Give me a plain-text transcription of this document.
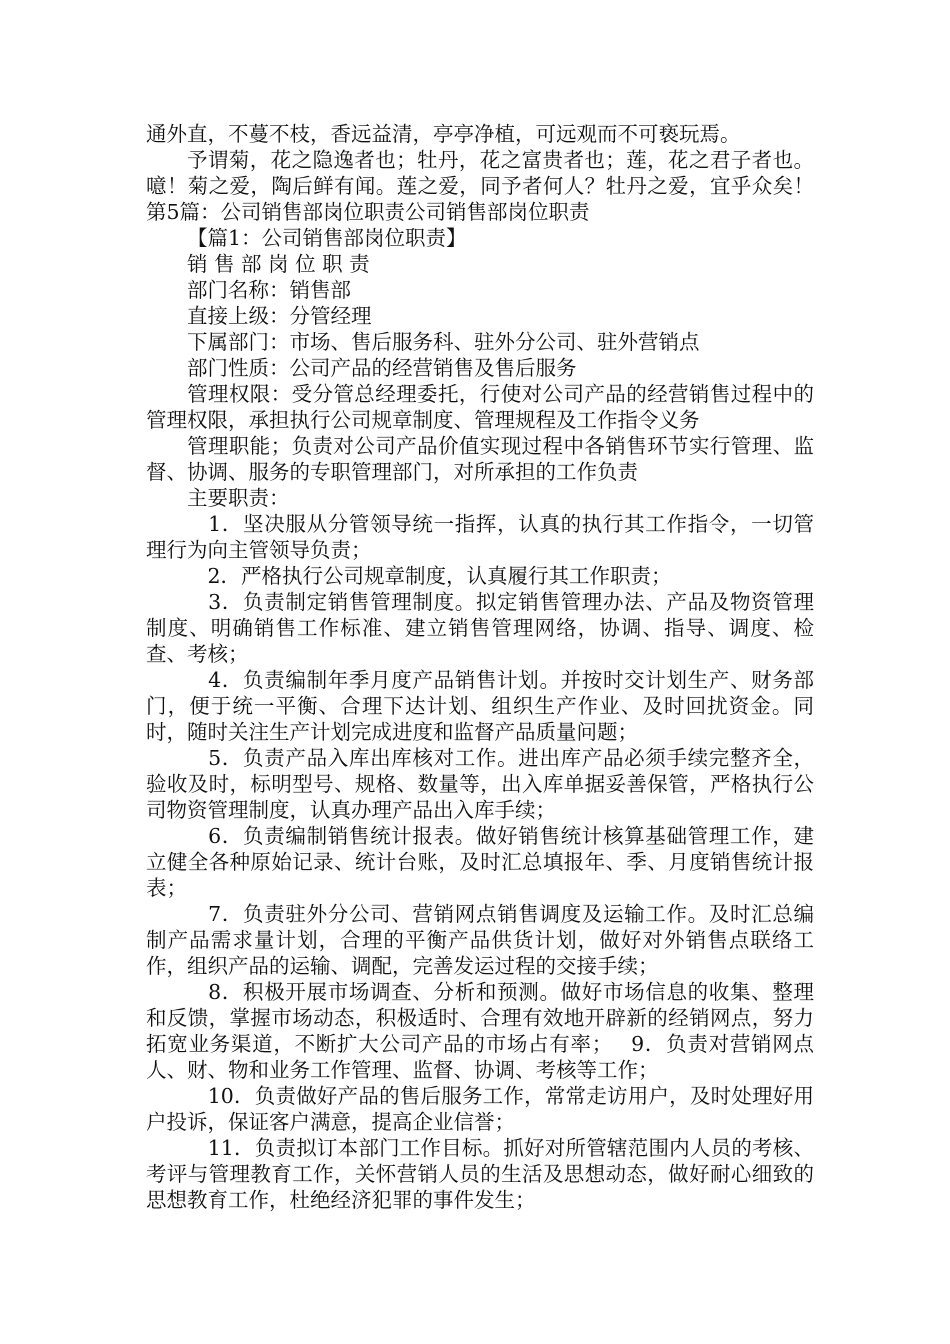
通外直，不蔓不枝，香远益清，亭亭净植，可远观而不可亵玩焉。

予谓菊，花之隐逸者也；牡丹，花之富贵者也；莲，花之君子者也。噫！菊之爱，陶后鲜有闻。莲之爱，同予者何人？牡丹之爱，宜乎众矣！第5篇：公司销售部岗位职责公司销售部岗位职责

【篇1：公司销售部岗位职责】

销 售 部 岗 位 职 责

部门名称：销售部

直接上级：分管经理

下属部门：市场、售后服务科、驻外分公司、驻外营销点

部门性质：公司产品的经营销售及售后服务

管理权限：受分管总经理委托，行使对公司产品的经营销售过程中的管理权限，承担执行公司规章制度、管理规程及工作指令义务

管理职能；负责对公司产品价值实现过程中各销售环节实行管理、监督、协调、服务的专职管理部门，对所承担的工作负责

主要职责：

　1．坚决服从分管领导统一指挥，认真的执行其工作指令，一切管理行为向主管领导负责；

　2．严格执行公司规章制度，认真履行其工作职责；

　3．负责制定销售管理制度。拟定销售管理办法、产品及物资管理制度、明确销售工作标准、建立销售管理网络，协调、指导、调度、检查、考核；

　4．负责编制年季月度产品销售计划。并按时交计划生产、财务部门，便于统一平衡、合理下达计划、组织生产作业、及时回扰资金。同时，随时关注生产计划完成进度和监督产品质量问题；

　5．负责产品入库出库核对工作。进出库产品必须手续完整齐全，验收及时，标明型号、规格、数量等，出入库单据妥善保管，严格执行公司物资管理制度，认真办理产品出入库手续；

　6．负责编制销售统计报表。做好销售统计核算基础管理工作，建立健全各种原始记录、统计台账，及时汇总填报年、季、月度销售统计报表；

　7．负责驻外分公司、营销网点销售调度及运输工作。及时汇总编制产品需求量计划，合理的平衡产品供货计划，做好对外销售点联络工作，组织产品的运输、调配，完善发运过程的交接手续；

　8．积极开展市场调查、分析和预测。做好市场信息的收集、整理和反馈，掌握市场动态，积极适时、合理有效地开辟新的经销网点，努力拓宽业务渠道，不断扩大公司产品的市场占有率；　 9．负责对营销网点人、财、物和业务工作管理、监督、协调、考核等工作；

　10．负责做好产品的售后服务工作，常常走访用户，及时处理好用户投诉，保证客户满意，提高企业信誉；

　11．负责拟订本部门工作目标。抓好对所管辖范围内人员的考核、考评与管理教育工作，关怀营销人员的生活及思想动态，做好耐心细致的思想教育工作，杜绝经济犯罪的事件发生；
